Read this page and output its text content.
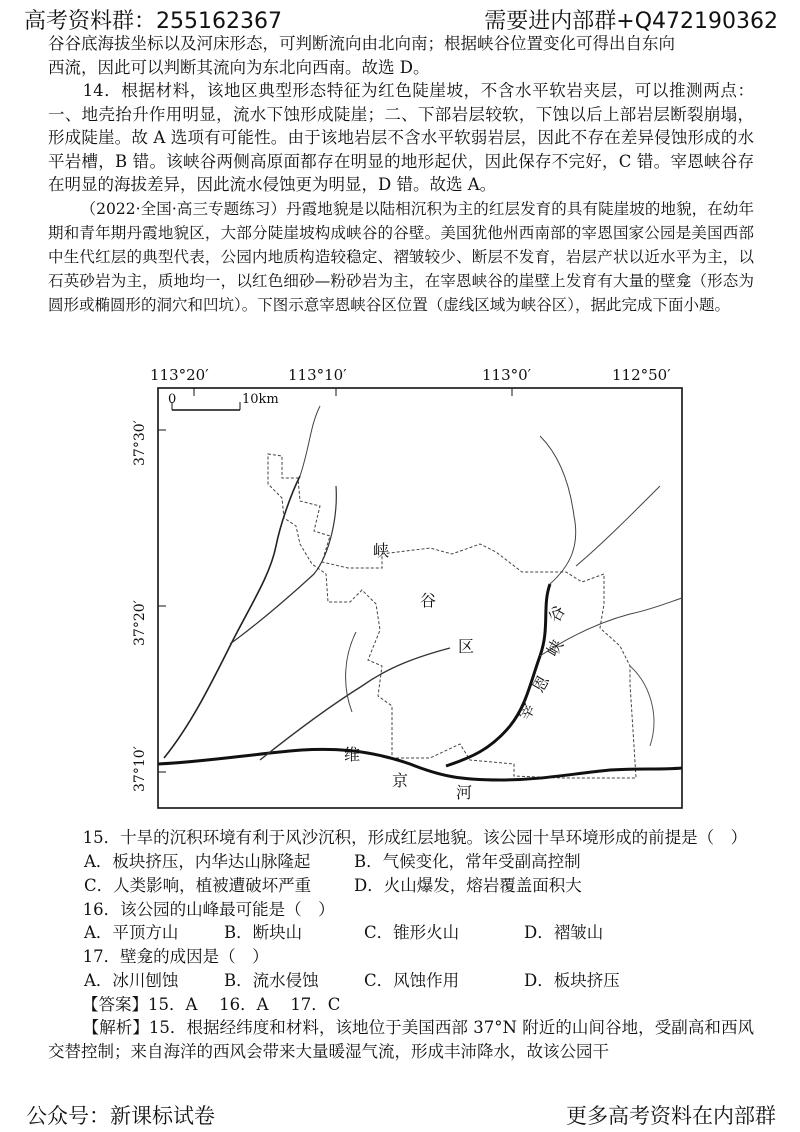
高考资料群：255162367	需要进内部群+Q472190362

谷谷底海拔坐标以及河床形态，可判断流向由北向南；根据峡谷位置变化可得出自东向

西流，因此可以判断其流向为东北向西南。故选 D。

14．根据材料，该地区典型形态特征为红色陡崖坡，不含水平软岩夹层，可以推测两点：一、地壳抬升作用明显，流水下蚀形成陡崖；二、下部岩层较软，下蚀以后上部岩层断裂崩塌，形成陡崖。故 A 选项有可能性。由于该地岩层不含水平软弱岩层，因此不存在差异侵蚀形成的水平岩槽，B 错。该峡谷两侧高原面都存在明显的地形起伏，因此保存不完好，C 错。宰恩峡谷存在明显的海拔差异，因此流水侵蚀更为明显，D 错。故选 A。

（2022·全国·高三专题练习）丹霞地貌是以陆相沉积为主的红层发育的具有陡崖坡的地貌，在幼年期和青年期丹霞地貌区，大部分陡崖坡构成峡谷的谷壁。美国犹他州西南部的宰恩国家公园是美国西部中生代红层的典型代表，公园内地质构造较稳定、褶皱较少、断层不发育，岩层产状以近水平为主，以石英砂岩为主，质地均一，以红色细砂—粉砂岩为主，在宰恩峡谷的崖壁上发育有大量的壁龛（形态为圆形或椭圆形的洞穴和凹坑）。下图示意宰恩峡谷区位置（虚线区域为峡谷区），据此完成下面小题。

113°20′	113°10′	113°0′	112°50′
37°30′
37°20′
37°10′
峡
谷
区
宰
恩
峡
谷
维
京
河
0	10km

15．十旱的沉积环境有利于风沙沉积，形成红层地貌。该公园十旱环境形成的前提是（　）

A．板块挤压，内华达山脉隆起	B．气候变化，常年受副高控制
C．人类影响，植被遭破坏严重	D．火山爆发，熔岩覆盖面积大

16．该公园的山峰最可能是（　）

A．平顶方山	B．断块山	C．锥形火山	D．褶皱山

17．壁龛的成因是（　）

A．冰川刨蚀	B．流水侵蚀	C．风蚀作用	D．板块挤压

【答案】15．A　 16．A　 17．C

【解析】15．根据经纬度和材料，该地位于美国西部 37°N 附近的山间谷地，受副高和西风交替控制；来自海洋的西风会带来大量暖湿气流，形成丰沛降水，故该公园干

公众号：新课标试卷	更多高考资料在内部群
